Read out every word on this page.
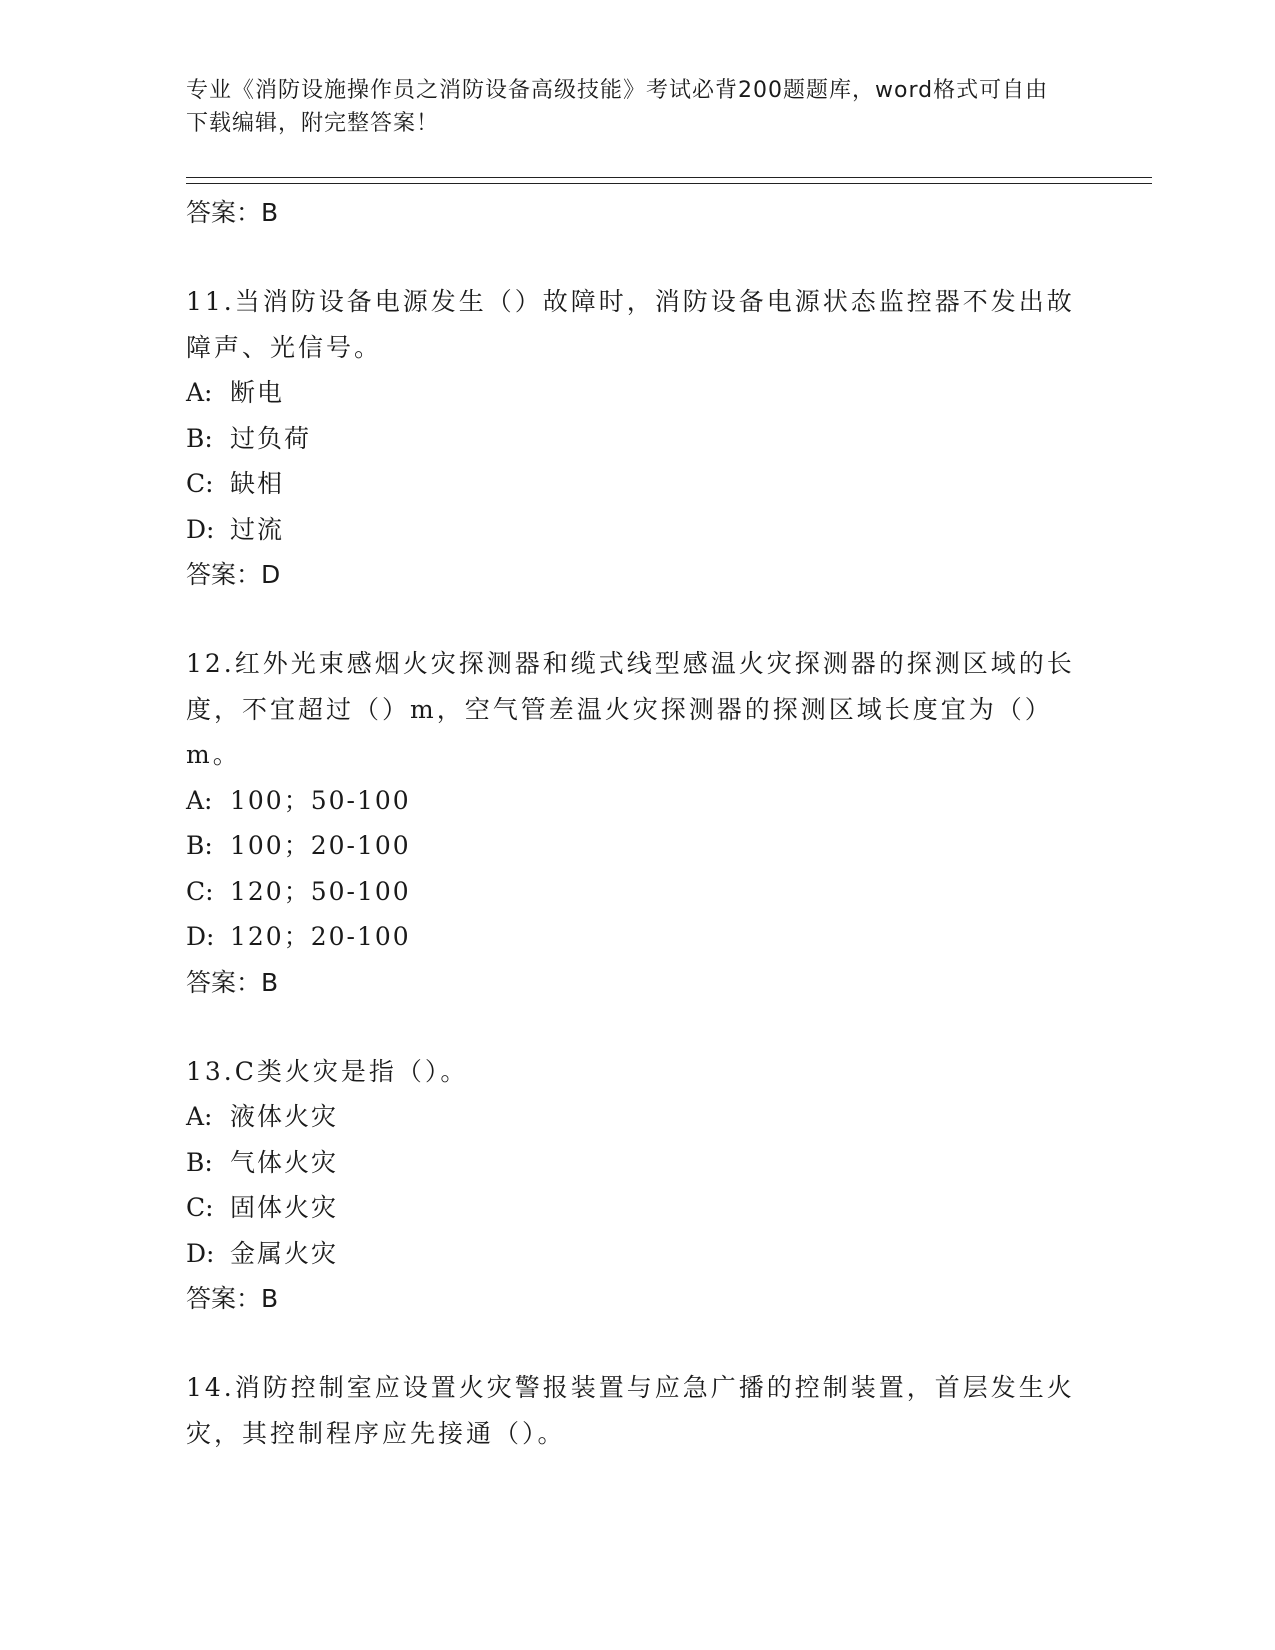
专业《消防设施操作员之消防设备高级技能》考试必背200题题库，word格式可自由下载编辑，附完整答案！
答案：B
11.当消防设备电源发生（）故障时，消防设备电源状态监控器不发出故障声、光信号。
A: 断电
B: 过负荷
C: 缺相
D: 过流
答案：D
12.红外光束感烟火灾探测器和缆式线型感温火灾探测器的探测区域的长度，不宜超过（）m，空气管差温火灾探测器的探测区域长度宜为（）m。
A: 100；50-100
B: 100；20-100
C: 120；50-100
D: 120；20-100
答案：B
13.C类火灾是指（）。
A: 液体火灾
B: 气体火灾
C: 固体火灾
D: 金属火灾
答案：B
14.消防控制室应设置火灾警报装置与应急广播的控制装置，首层发生火灾，其控制程序应先接通（）。
